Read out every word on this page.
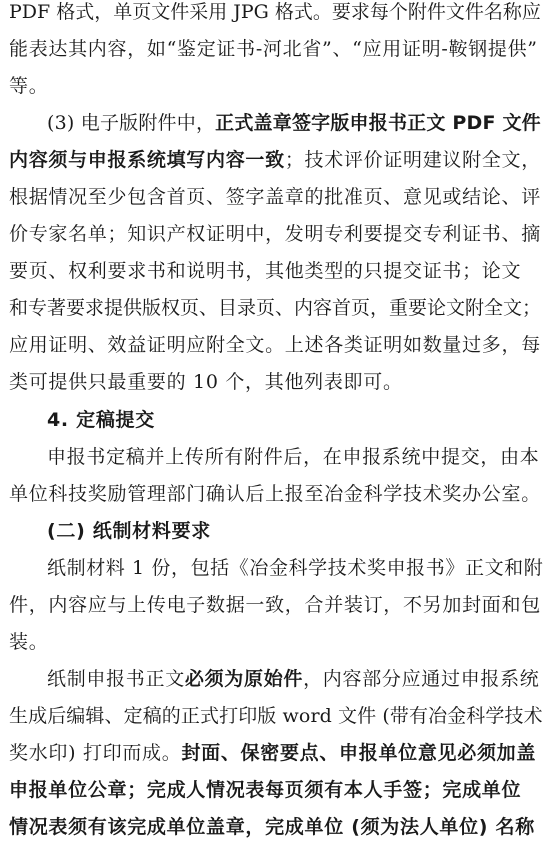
PDF 格式，单页文件采用 JPG 格式。要求每个附件文件名称应
能表达其内容，如“鉴定证书-河北省”、“应用证明-鞍钢提供”
等。
(3) 电子版附件中，正式盖章签字版申报书正文 PDF 文件
内容须与申报系统填写内容一致；技术评价证明建议附全文，
根据情况至少包含首页、签字盖章的批准页、意见或结论、评
价专家名单；知识产权证明中，发明专利要提交专利证书、摘
要页、权利要求书和说明书，其他类型的只提交证书；论文
和专著要求提供版权页、目录页、内容首页，重要论文附全文；
应用证明、效益证明应附全文。上述各类证明如数量过多，每
类可提供只最重要的 10 个，其他列表即可。
4. 定稿提交
申报书定稿并上传所有附件后，在申报系统中提交，由本
单位科技奖励管理部门确认后上报至冶金科学技术奖办公室。
(二) 纸制材料要求
纸制材料 1 份，包括《冶金科学技术奖申报书》正文和附
件，内容应与上传电子数据一致，合并装订，不另加封面和包
装。
纸制申报书正文必须为原始件，内容部分应通过申报系统
生成后编辑、定稿的正式打印版 word 文件 (带有冶金科学技术
奖水印) 打印而成。封面、保密要点、申报单位意见必须加盖
申报单位公章；完成人情况表每页须有本人手签；完成单位
情况表须有该完成单位盖章，完成单位 (须为法人单位) 名称
